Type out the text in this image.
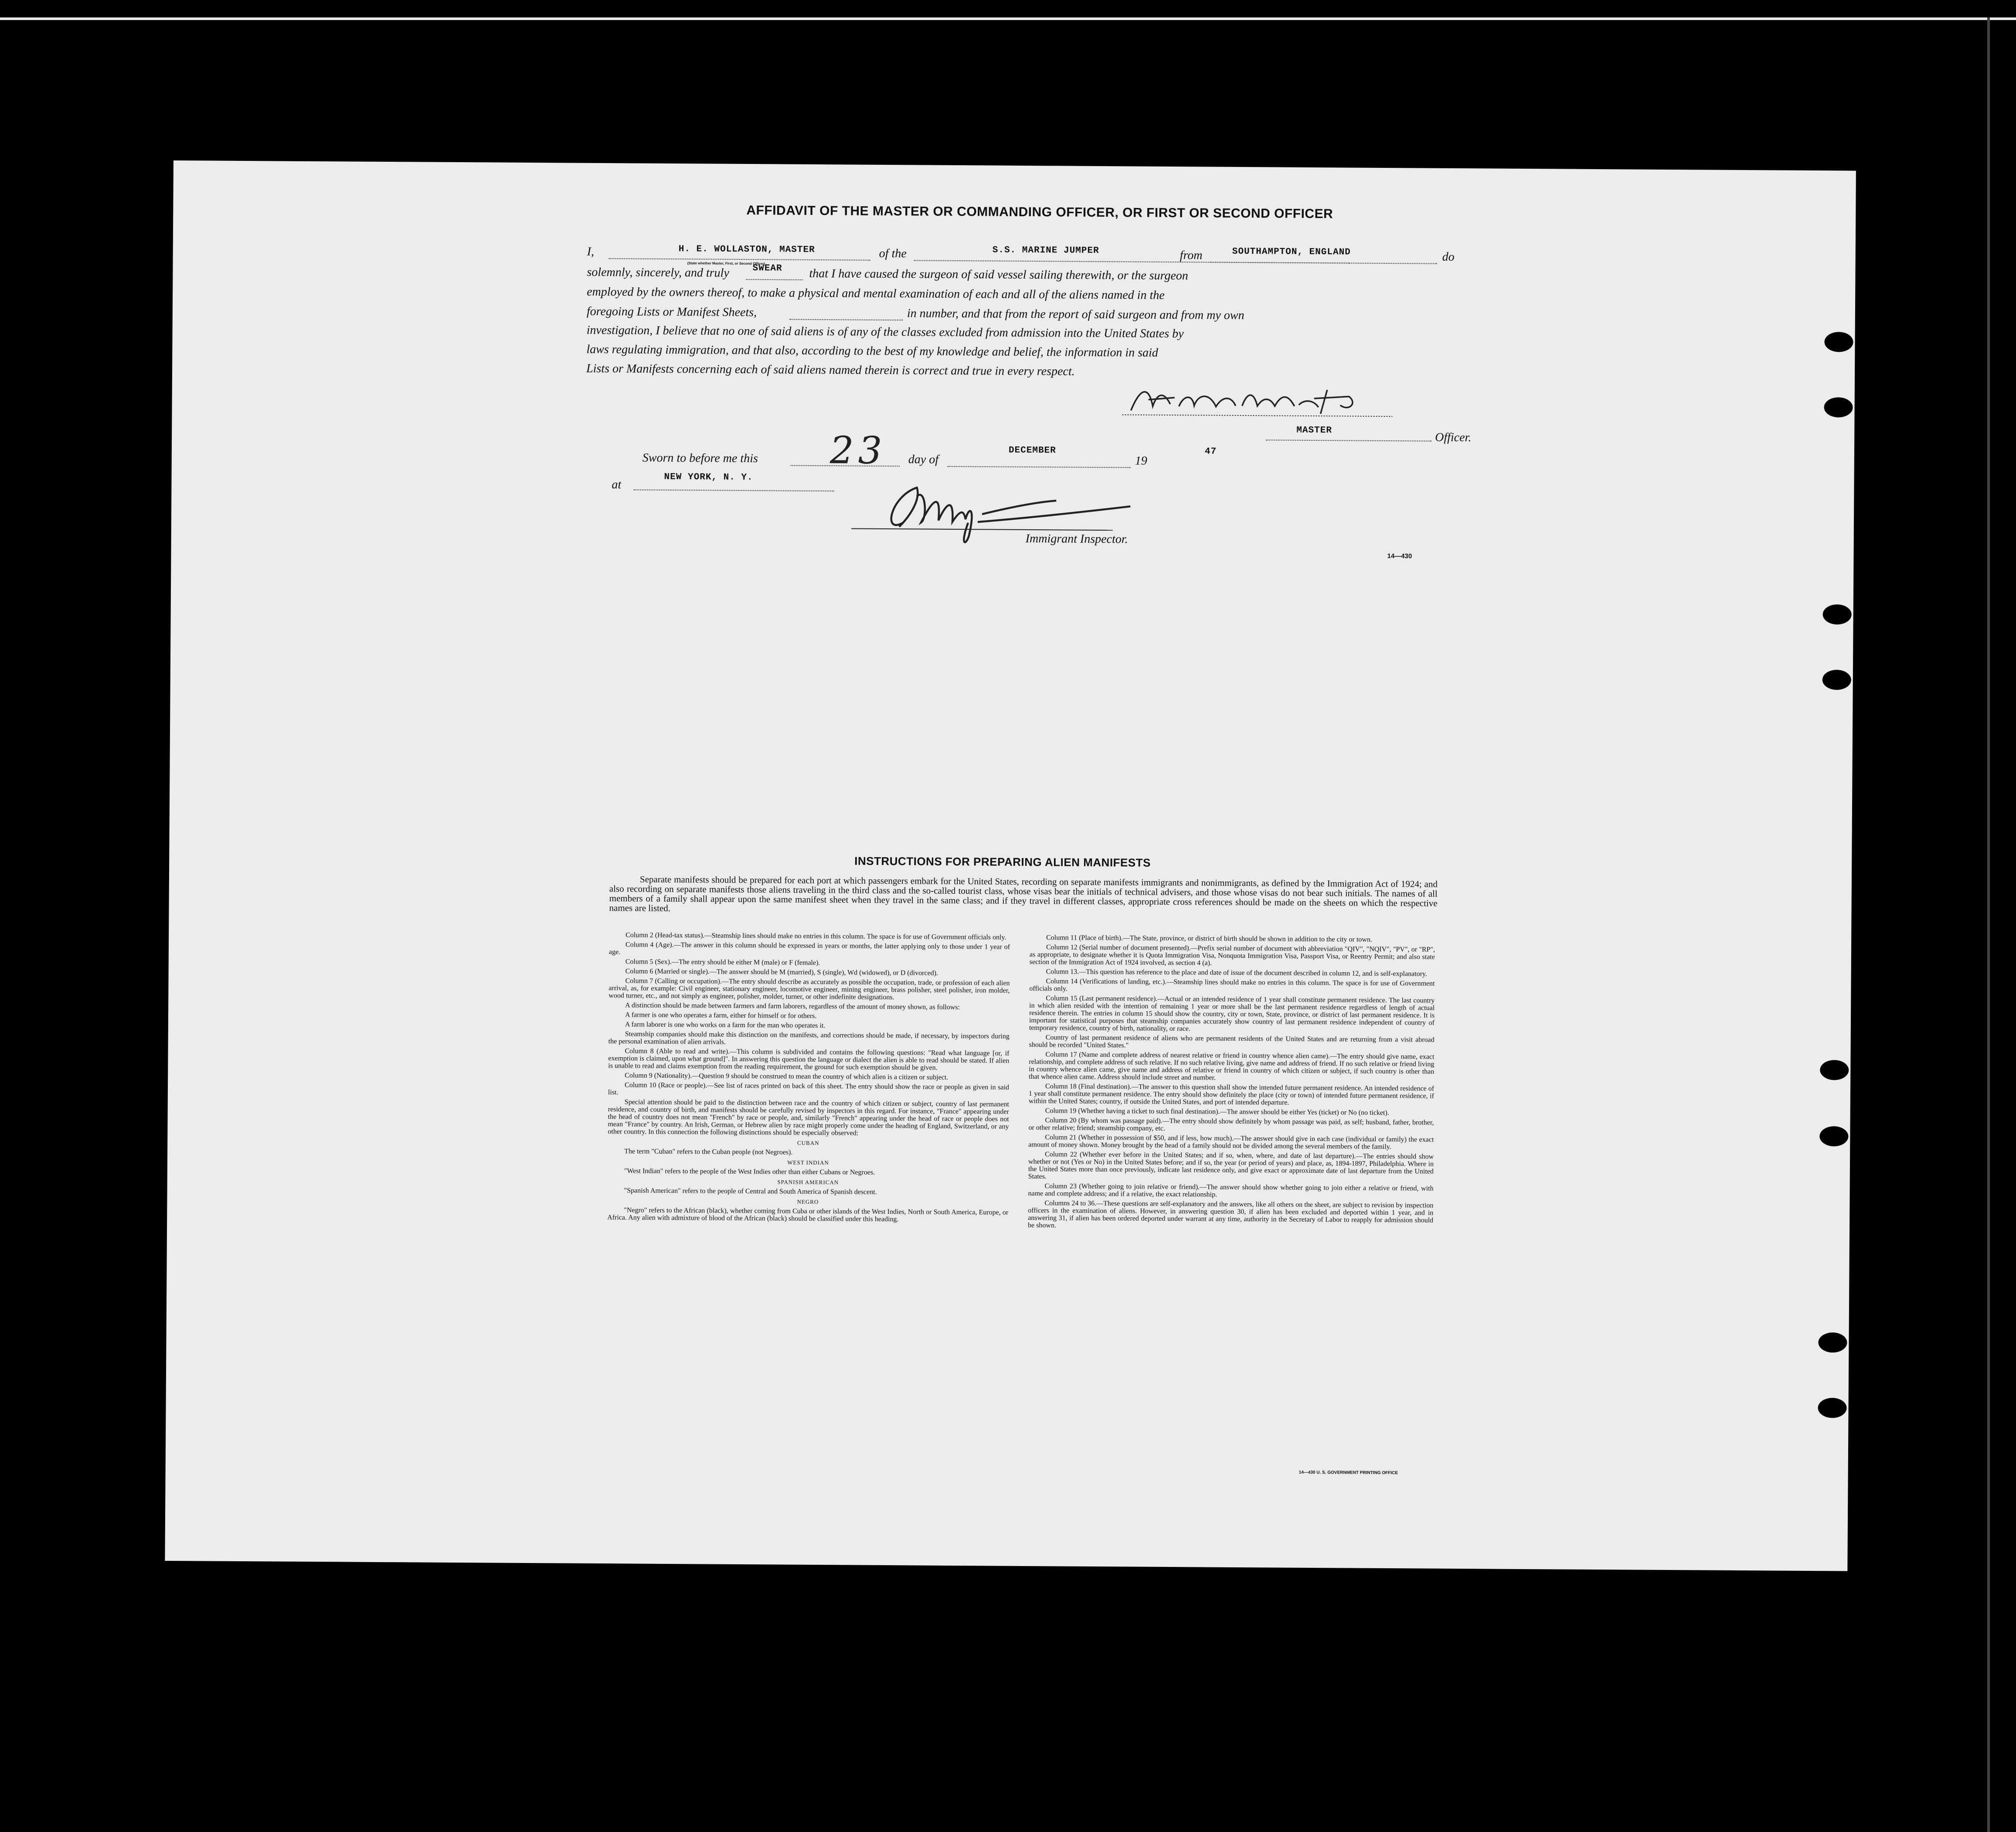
AFFIDAVIT OF THE MASTER OR COMMANDING OFFICER, OR FIRST OR SECOND OFFICER
I,	H. E. WOLLASTON, MASTER
(State whether Master, First, or Second Officer)
of the	S.S. MARINE JUMPER	from	SOUTHAMPTON, ENGLAND	do
solemnly, sincerely, and truly	SWEAR that I have caused the surgeon of said vessel sailing therewith, or the surgeon
employed by the owners thereof, to make a physical and mental examination of each and all of the aliens named in the
foregoing Lists or Manifest Sheets,	in number, and that from the report of said surgeon and from my own
investigation, I believe that no one of said aliens is of any of the classes excluded from admission into the United States by
laws regulating immigration, and that also, according to the best of my knowledge and belief, the information in said
Lists or Manifests concerning each of said aliens named therein is correct and true in every respect.
MASTER
Officer.
Sworn to before me this 23 day of
DECEMBER
19
47
at
NEW YORK, N. Y.
Immigrant Inspector.
14—430
INSTRUCTIONS FOR PREPARING ALIEN MANIFESTS
Separate manifests should be prepared for each port at which passengers embark for the United States, recording on separate manifests immigrants and nonimmigrants, as defined by the Immigration Act of 1924; and also recording on separate manifests those aliens traveling in the third class and the so-called tourist class, whose visas bear the initials of technical advisers, and those whose visas do not bear such initials. The names of all members of a family shall appear upon the same manifest sheet when they travel in the same class; and if they travel in different classes, appropriate cross references should be made on the sheets on which the respective names are listed.

Column 2 (Head-tax status).—Steamship lines should make no entries in this column. The space is for use of Government officials only.

Column 4 (Age).—The answer in this column should be expressed in years or months, the latter applying only to those under 1 year of age.

Column 5 (Sex).—The entry should be either M (male) or F (female).

Column 6 (Married or single).—The answer should be M (married), S (single), Wd (widowed), or D (divorced).

Column 7 (Calling or occupation).—The entry should describe as accurately as possible the occupation, trade, or profession of each alien arrival, as, for example: Civil engineer, stationary engineer, locomotive engineer, mining engineer, brass polisher, steel polisher, iron molder, wood turner, etc., and not simply as engineer, polisher, molder, turner, or other indefinite designations.

A distinction should be made between farmers and farm laborers, regardless of the amount of money shown, as follows:

A farmer is one who operates a farm, either for himself or for others.

A farm laborer is one who works on a farm for the man who operates it.

Steamship companies should make this distinction on the manifests, and corrections should be made, if necessary, by inspectors during the personal examination of alien arrivals.

Column 8 (Able to read and write).—This column is subdivided and contains the following questions: "Read what language [or, if exemption is claimed, upon what ground]". In answering this question the language or dialect the alien is able to read should be stated. If alien is unable to read and claims exemption from the reading requirement, the ground for such exemption should be given.

Column 9 (Nationality).—Question 9 should be construed to mean the country of which alien is a citizen or subject.

Column 10 (Race or people).—See list of races printed on back of this sheet. The entry should show the race or people as given in said list.

Special attention should be paid to the distinction between race and the country of which citizen or subject, country of last permanent residence, and country of birth, and manifests should be carefully revised by inspectors in this regard. For instance, "France" appearing under the head of country does not mean "French" by race or people, and, similarly "French" appearing under the head of race or people does not mean "France" by country. An Irish, German, or Hebrew alien by race might properly come under the heading of England, Switzerland, or any other country. In this connection the following distinctions should be especially observed:

CUBAN

The term "Cuban" refers to the Cuban people (not Negroes).

WEST INDIAN

"West Indian" refers to the people of the West Indies other than either Cubans or Negroes.

SPANISH AMERICAN

"Spanish American" refers to the people of Central and South America of Spanish descent.

NEGRO

"Negro" refers to the African (black), whether coming from Cuba or other islands of the West Indies, North or South America, Europe, or Africa. Any alien with admixture of blood of the African (black) should be classified under this heading.

Column 11 (Place of birth).—The State, province, or district of birth should be shown in addition to the city or town.

Column 12 (Serial number of document presented).—Prefix serial number of document with abbreviation "QIV", "NQIV", "PV", or "RP", as appropriate, to designate whether it is Quota Immigration Visa, Nonquota Immigration Visa, Passport Visa, or Reentry Permit; and also state section of the Immigration Act of 1924 involved, as section 4 (a).

Column 13.—This question has reference to the place and date of issue of the document described in column 12, and is self-explanatory.

Column 14 (Verifications of landing, etc.).—Steamship lines should make no entries in this column. The space is for use of Government officials only.

Column 15 (Last permanent residence).—Actual or an intended residence of 1 year shall constitute permanent residence. The last country in which alien resided with the intention of remaining 1 year or more shall be the last permanent residence regardless of length of actual residence therein. The entries in column 15 should show the country, city or town, State, province, or district of last permanent residence. It is important for statistical purposes that steamship companies accurately show country of last permanent residence independent of country of temporary residence, country of birth, nationality, or race.

Country of last permanent residence of aliens who are permanent residents of the United States and are returning from a visit abroad should be recorded "United States."

Column 17 (Name and complete address of nearest relative or friend in country whence alien came).—The entry should give name, exact relationship, and complete address of such relative. If no such relative living, give name and address of friend. If no such relative or friend living in country whence alien came, give name and address of relative or friend in country of which citizen or subject, if such country is other than that whence alien came. Address should include street and number.

Column 18 (Final destination).—The answer to this question shall show the intended future permanent residence. An intended residence of 1 year shall constitute permanent residence. The entry should show definitely the place (city or town) of intended future permanent residence, if within the United States; country, if outside the United States, and port of intended departure.

Column 19 (Whether having a ticket to such final destination).—The answer should be either Yes (ticket) or No (no ticket).

Column 20 (By whom was passage paid).—The entry should show definitely by whom passage was paid, as self; husband, father, brother, or other relative; friend; steamship company, etc.

Column 21 (Whether in possession of $50, and if less, how much).—The answer should give in each case (individual or family) the exact amount of money shown. Money brought by the head of a family should not be divided among the several members of the family.

Column 22 (Whether ever before in the United States; and if so, when, where, and date of last departure).—The entries should show whether or not (Yes or No) in the United States before; and if so, the year (or period of years) and place, as, 1894-1897, Philadelphia. Where in the United States more than once previously, indicate last residence only, and give exact or approximate date of last departure from the United States.

Column 23 (Whether going to join relative or friend).—The answer should show whether going to join either a relative or friend, with name and complete address; and if a relative, the exact relationship.

Columns 24 to 36.—These questions are self-explanatory and the answers, like all others on the sheet, are subject to revision by inspection officers in the examination of aliens. However, in answering question 30, if alien has been excluded and deported within 1 year, and in answering 31, if alien has been ordered deported under warrant at any time, authority in the Secretary of Labor to reapply for admission should be shown.

14—430 U. S. GOVERNMENT PRINTING OFFICE
